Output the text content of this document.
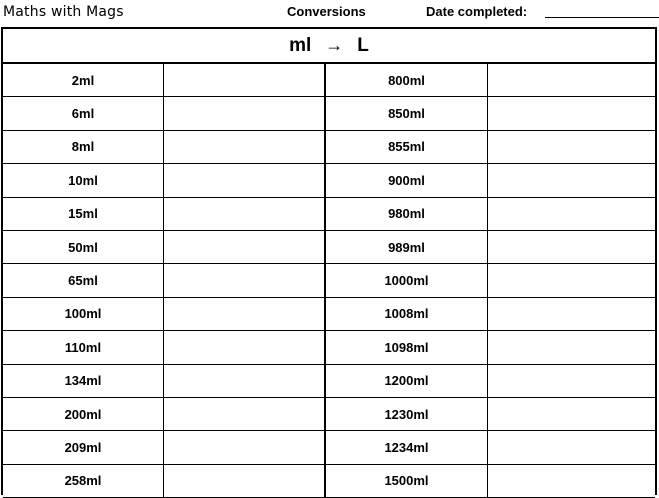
Maths with Mags	Conversions	Date completed:
ml → L
2ml	800ml
6ml	850ml
8ml	855ml
10ml	900ml
15ml	980ml
50ml	989ml
65ml	1000ml
100ml	1008ml
110ml	1098ml
134ml	1200ml
200ml	1230ml
209ml	1234ml
258ml	1500ml
